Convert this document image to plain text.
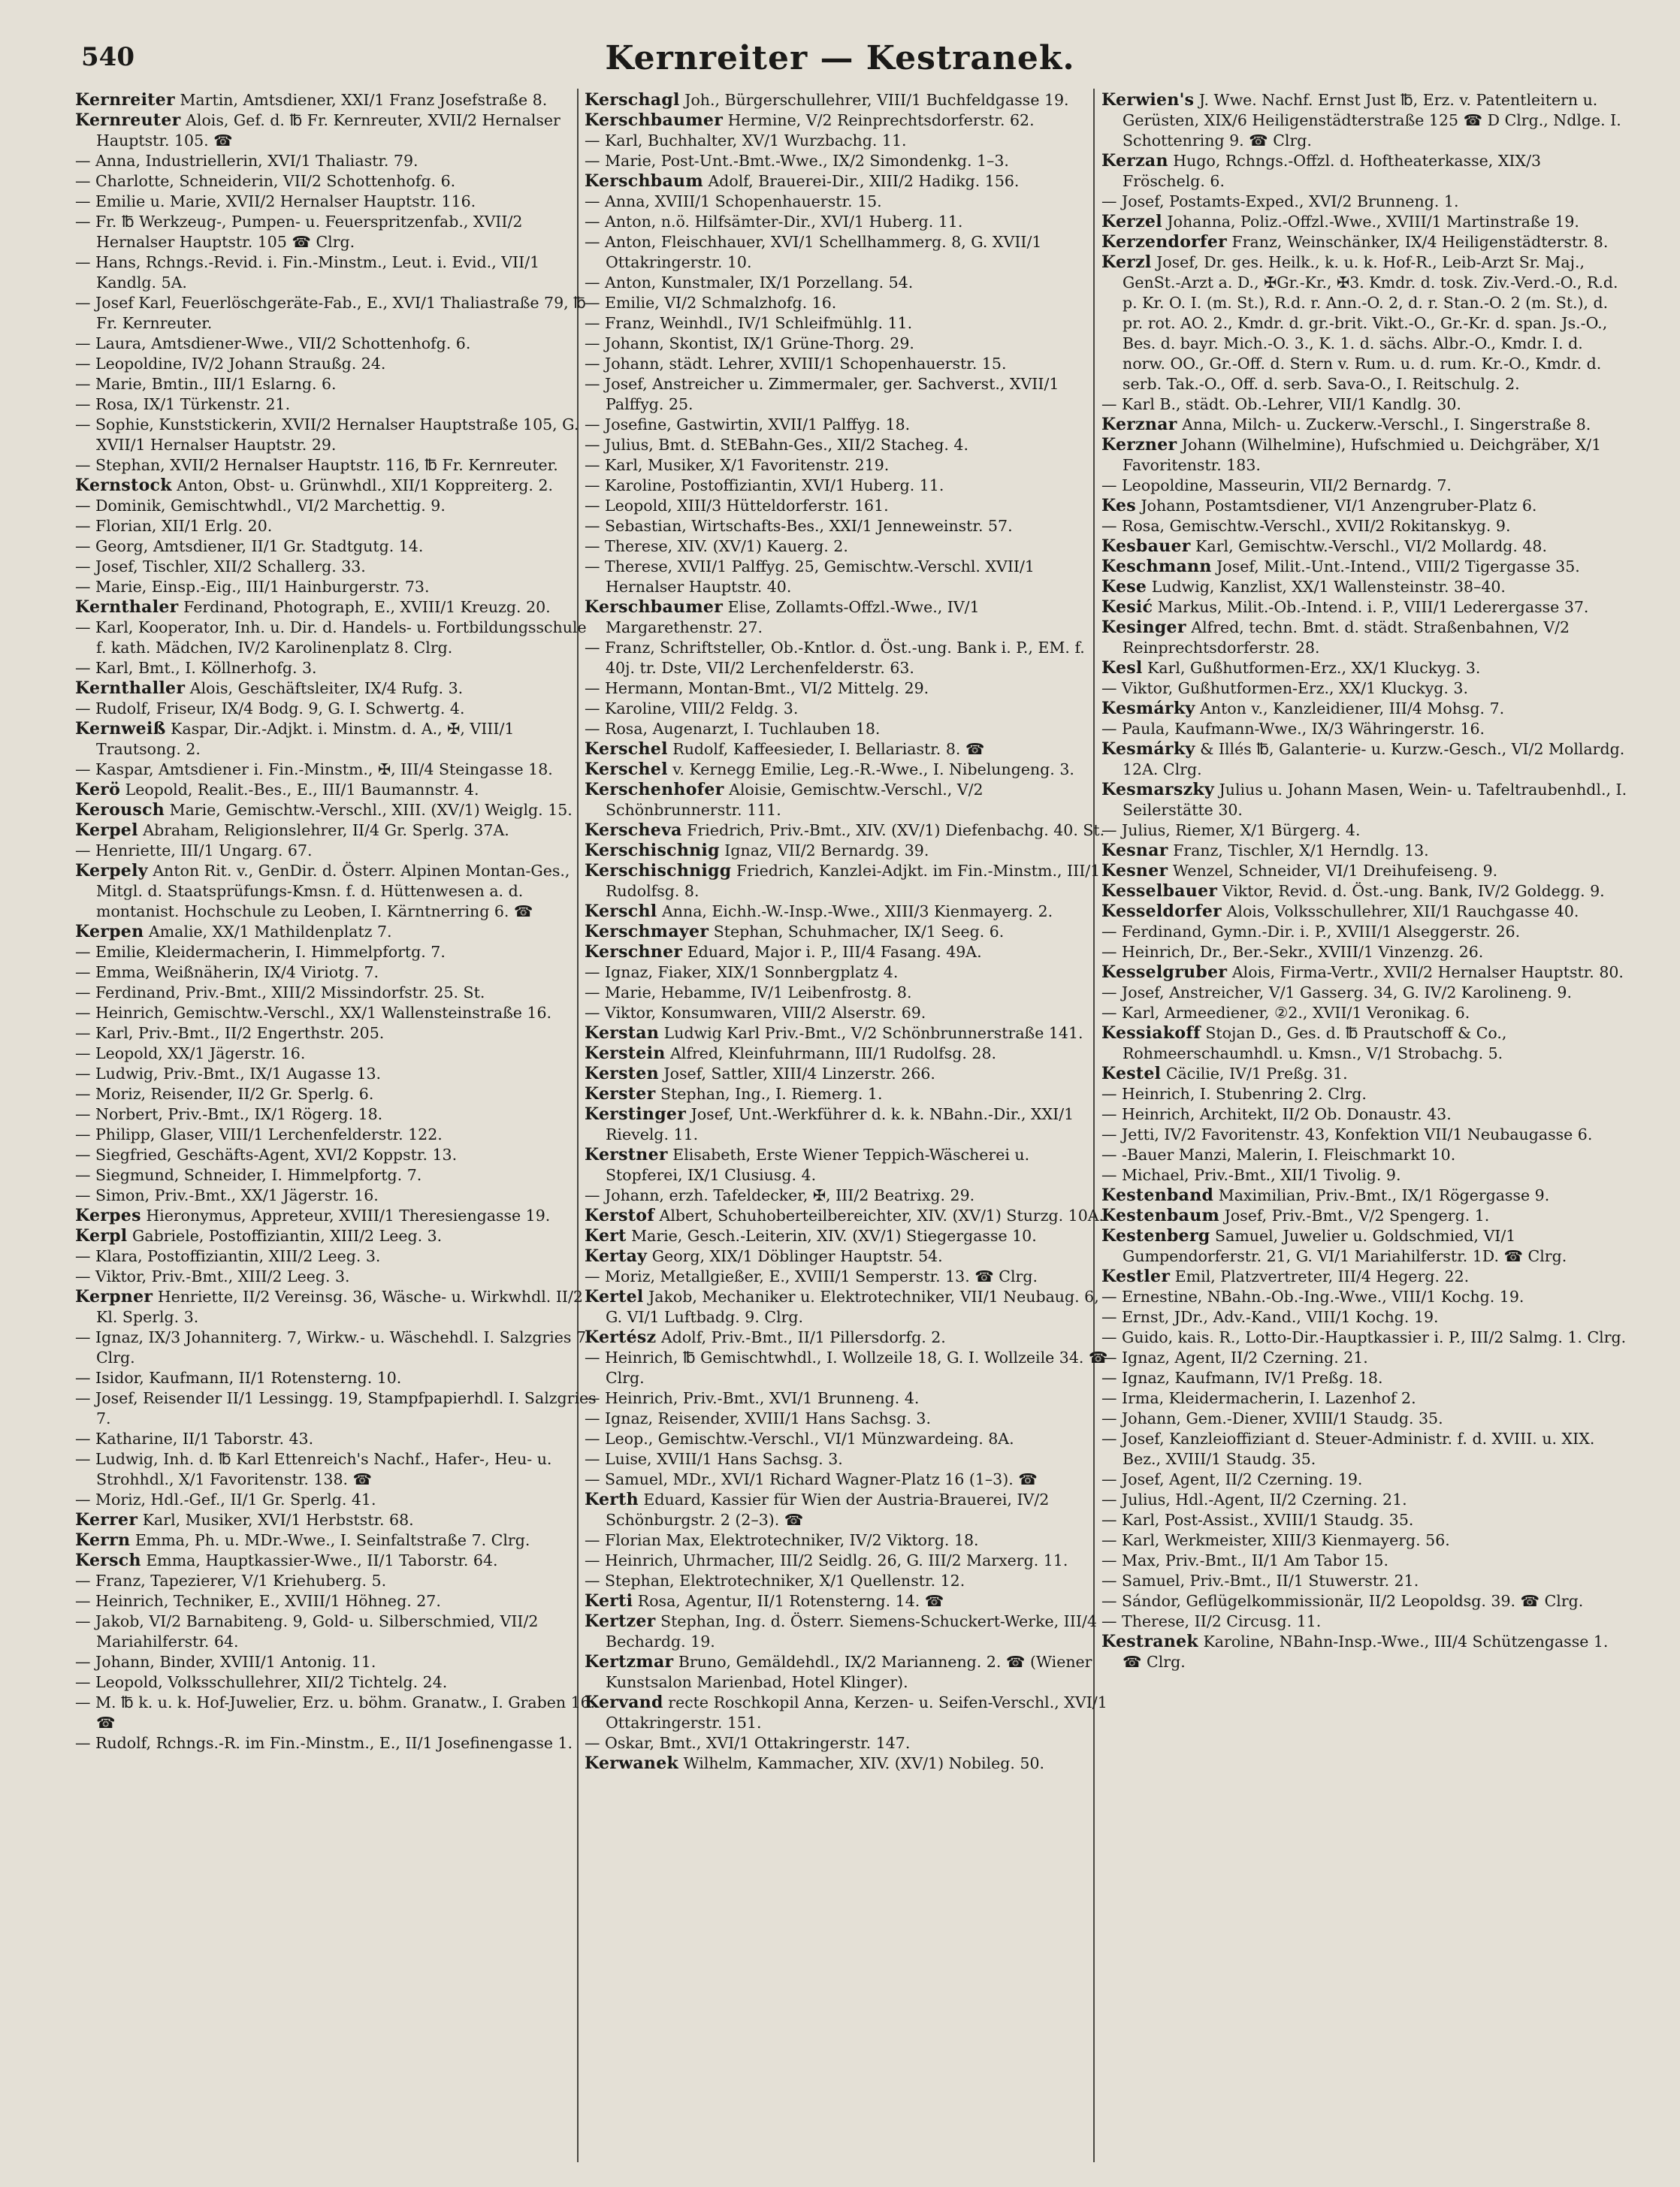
540	Kernreiter — Kestranek.

Kernreiter Martin, Amtsdiener, XXI/1 Franz Josefstraße 8.

Kernreuter Alois, Gef. d. ℔ Fr. Kernreuter, XVII/2 Hernalser Hauptstr. 105. ☎

— Anna, Industriellerin, XVI/1 Thaliastr. 79.

— Charlotte, Schneiderin, VII/2 Schottenhofg. 6.

— Emilie u. Marie, XVII/2 Hernalser Hauptstr. 116.

— Fr. ℔ Werkzeug-, Pumpen- u. Feuerspritzenfab., XVII/2 Hernalser Hauptstr. 105 ☎ Clrg.

— Hans, Rchngs.-Revid. i. Fin.-Minstm., Leut. i. Evid., VII/1 Kandlg. 5A.

— Josef Karl, Feuerlöschgeräte-Fab., E., XVI/1 Thaliastraße 79, ℔ Fr. Kernreuter.

— Laura, Amtsdiener-Wwe., VII/2 Schottenhofg. 6.

— Leopoldine, IV/2 Johann Straußg. 24.

— Marie, Bmtin., III/1 Eslarng. 6.

— Rosa, IX/1 Türkenstr. 21.

— Sophie, Kunststickerin, XVII/2 Hernalser Hauptstraße 105, G. XVII/1 Hernalser Hauptstr. 29.

— Stephan, XVII/2 Hernalser Hauptstr. 116, ℔ Fr. Kernreuter.

Kernstock Anton, Obst- u. Grünwhdl., XII/1 Koppreiterg. 2.

— Dominik, Gemischtwhdl., VI/2 Marchettig. 9.

— Florian, XII/1 Erlg. 20.

— Georg, Amtsdiener, II/1 Gr. Stadtgutg. 14.

— Josef, Tischler, XII/2 Schallerg. 33.

— Marie, Einsp.-Eig., III/1 Hainburgerstr. 73.

Kernthaler Ferdinand, Photograph, E., XVIII/1 Kreuzg. 20.

— Karl, Kooperator, Inh. u. Dir. d. Handels- u. Fortbildungsschule f. kath. Mädchen, IV/2 Karolinenplatz 8. Clrg.

— Karl, Bmt., I. Köllnerhofg. 3.

Kernthaller Alois, Geschäftsleiter, IX/4 Rufg. 3.

— Rudolf, Friseur, IX/4 Bodg. 9, G. I. Schwertg. 4.

Kernweiß Kaspar, Dir.-Adjkt. i. Minstm. d. A., ✠, VIII/1 Trautsong. 2.

— Kaspar, Amtsdiener i. Fin.-Minstm., ✠, III/4 Steingasse 18.

Kerö Leopold, Realit.-Bes., E., III/1 Baumannstr. 4.

Kerousch Marie, Gemischtw.-Verschl., XIII. (XV/1) Weiglg. 15.

Kerpel Abraham, Religionslehrer, II/4 Gr. Sperlg. 37A.

— Henriette, III/1 Ungarg. 67.

Kerpely Anton Rit. v., GenDir. d. Österr. Alpinen Montan-Ges., Mitgl. d. Staatsprüfungs-Kmsn. f. d. Hüttenwesen a. d. montanist. Hochschule zu Leoben, I. Kärntnerring 6. ☎

Kerpen Amalie, XX/1 Mathildenplatz 7.

— Emilie, Kleidermacherin, I. Himmelpfortg. 7.

— Emma, Weißnäherin, IX/4 Viriotg. 7.

— Ferdinand, Priv.-Bmt., XIII/2 Missindorfstr. 25. St.

— Heinrich, Gemischtw.-Verschl., XX/1 Wallensteinstraße 16.

— Karl, Priv.-Bmt., II/2 Engerthstr. 205.

— Leopold, XX/1 Jägerstr. 16.

— Ludwig, Priv.-Bmt., IX/1 Augasse 13.

— Moriz, Reisender, II/2 Gr. Sperlg. 6.

— Norbert, Priv.-Bmt., IX/1 Rögerg. 18.

— Philipp, Glaser, VIII/1 Lerchenfelderstr. 122.

— Siegfried, Geschäfts-Agent, XVI/2 Koppstr. 13.

— Siegmund, Schneider, I. Himmelpfortg. 7.

— Simon, Priv.-Bmt., XX/1 Jägerstr. 16.

Kerpes Hieronymus, Appreteur, XVIII/1 Theresiengasse 19.

Kerpl Gabriele, Postoffiziantin, XIII/2 Leeg. 3.

— Klara, Postoffiziantin, XIII/2 Leeg. 3.

— Viktor, Priv.-Bmt., XIII/2 Leeg. 3.

Kerpner Henriette, II/2 Vereinsg. 36, Wäsche- u. Wirkwhdl. II/2 Kl. Sperlg. 3.

— Ignaz, IX/3 Johanniterg. 7, Wirkw.- u. Wäschehdl. I. Salzgries 7. Clrg.

— Isidor, Kaufmann, II/1 Rotensterng. 10.

— Josef, Reisender II/1 Lessingg. 19, Stampfpapierhdl. I. Salzgries 7.

— Katharine, II/1 Taborstr. 43.

— Ludwig, Inh. d. ℔ Karl Ettenreich's Nachf., Hafer-, Heu- u. Strohhdl., X/1 Favoritenstr. 138. ☎

— Moriz, Hdl.-Gef., II/1 Gr. Sperlg. 41.

Kerrer Karl, Musiker, XVI/1 Herbststr. 68.

Kerrn Emma, Ph. u. MDr.-Wwe., I. Seinfaltstraße 7. Clrg.

Kersch Emma, Hauptkassier-Wwe., II/1 Taborstr. 64.

— Franz, Tapezierer, V/1 Kriehuberg. 5.

— Heinrich, Techniker, E., XVIII/1 Höhneg. 27.

— Jakob, VI/2 Barnabiteng. 9, Gold- u. Silberschmied, VII/2 Mariahilferstr. 64.

— Johann, Binder, XVIII/1 Antonig. 11.

— Leopold, Volksschullehrer, XII/2 Tichtelg. 24.

— M. ℔ k. u. k. Hof-Juwelier, Erz. u. böhm. Granatw., I. Graben 16. ☎

— Rudolf, Rchngs.-R. im Fin.-Minstm., E., II/1 Josefinengasse 1.

Kerschagl Joh., Bürgerschullehrer, VIII/1 Buchfeldgasse 19.

Kerschbaumer Hermine, V/2 Reinprechtsdorferstr. 62.

— Karl, Buchhalter, XV/1 Wurzbachg. 11.

— Marie, Post-Unt.-Bmt.-Wwe., IX/2 Simondenkg. 1–3.

Kerschbaum Adolf, Brauerei-Dir., XIII/2 Hadikg. 156.

— Anna, XVIII/1 Schopenhauerstr. 15.

— Anton, n.ö. Hilfsämter-Dir., XVI/1 Huberg. 11.

— Anton, Fleischhauer, XVI/1 Schellhammerg. 8, G. XVII/1 Ottakringerstr. 10.

— Anton, Kunstmaler, IX/1 Porzellang. 54.

— Emilie, VI/2 Schmalzhofg. 16.

— Franz, Weinhdl., IV/1 Schleifmühlg. 11.

— Johann, Skontist, IX/1 Grüne-Thorg. 29.

— Johann, städt. Lehrer, XVIII/1 Schopenhauerstr. 15.

— Josef, Anstreicher u. Zimmermaler, ger. Sachverst., XVII/1 Palffyg. 25.

— Josefine, Gastwirtin, XVII/1 Palffyg. 18.

— Julius, Bmt. d. StEBahn-Ges., XII/2 Stacheg. 4.

— Karl, Musiker, X/1 Favoritenstr. 219.

— Karoline, Postoffiziantin, XVI/1 Huberg. 11.

— Leopold, XIII/3 Hütteldorferstr. 161.

— Sebastian, Wirtschafts-Bes., XXI/1 Jenneweinstr. 57.

— Therese, XIV. (XV/1) Kauerg. 2.

— Therese, XVII/1 Palffyg. 25, Gemischtw.-Verschl. XVII/1 Hernalser Hauptstr. 40.

Kerschbaumer Elise, Zollamts-Offzl.-Wwe., IV/1 Margarethenstr. 27.

— Franz, Schriftsteller, Ob.-Kntlor. d. Öst.-ung. Bank i. P., EM. f. 40j. tr. Dste, VII/2 Lerchenfelderstr. 63.

— Hermann, Montan-Bmt., VI/2 Mittelg. 29.

— Karoline, VIII/2 Feldg. 3.

— Rosa, Augenarzt, I. Tuchlauben 18.

Kerschel Rudolf, Kaffeesieder, I. Bellariastr. 8. ☎

Kerschel v. Kernegg Emilie, Leg.-R.-Wwe., I. Nibelungeng. 3.

Kerschenhofer Aloisie, Gemischtw.-Verschl., V/2 Schönbrunnerstr. 111.

Kerscheva Friedrich, Priv.-Bmt., XIV. (XV/1) Diefenbachg. 40. St.

Kerschischnig Ignaz, VII/2 Bernardg. 39.

Kerschischnigg Friedrich, Kanzlei-Adjkt. im Fin.-Minstm., III/1 Rudolfsg. 8.

Kerschl Anna, Eichh.-W.-Insp.-Wwe., XIII/3 Kienmayerg. 2.

Kerschmayer Stephan, Schuhmacher, IX/1 Seeg. 6.

Kerschner Eduard, Major i. P., III/4 Fasang. 49A.

— Ignaz, Fiaker, XIX/1 Sonnbergplatz 4.

— Marie, Hebamme, IV/1 Leibenfrostg. 8.

— Viktor, Konsumwaren, VIII/2 Alserstr. 69.

Kerstan Ludwig Karl Priv.-Bmt., V/2 Schönbrunnerstraße 141.

Kerstein Alfred, Kleinfuhrmann, III/1 Rudolfsg. 28.

Kersten Josef, Sattler, XIII/4 Linzerstr. 266.

Kerster Stephan, Ing., I. Riemerg. 1.

Kerstinger Josef, Unt.-Werkführer d. k. k. NBahn.-Dir., XXI/1 Rievelg. 11.

Kerstner Elisabeth, Erste Wiener Teppich-Wäscherei u. Stopferei, IX/1 Clusiusg. 4.

— Johann, erzh. Tafeldecker, ✠, III/2 Beatrixg. 29.

Kerstof Albert, Schuhoberteilbereichter, XIV. (XV/1) Sturzg. 10A.

Kert Marie, Gesch.-Leiterin, XIV. (XV/1) Stiegergasse 10.

Kertay Georg, XIX/1 Döblinger Hauptstr. 54.

— Moriz, Metallgießer, E., XVIII/1 Semperstr. 13. ☎ Clrg.

Kertel Jakob, Mechaniker u. Elektrotechniker, VII/1 Neubaug. 6, G. VI/1 Luftbadg. 9. Clrg.

Kertész Adolf, Priv.-Bmt., II/1 Pillersdorfg. 2.

— Heinrich, ℔ Gemischtwhdl., I. Wollzeile 18, G. I. Wollzeile 34. ☎ Clrg.

— Heinrich, Priv.-Bmt., XVI/1 Brunneng. 4.

— Ignaz, Reisender, XVIII/1 Hans Sachsg. 3.

— Leop., Gemischtw.-Verschl., VI/1 Münzwardeing. 8A.

— Luise, XVIII/1 Hans Sachsg. 3.

— Samuel, MDr., XVI/1 Richard Wagner-Platz 16 (1–3). ☎

Kerth Eduard, Kassier für Wien der Austria-Brauerei, IV/2 Schönburgstr. 2 (2–3). ☎

— Florian Max, Elektrotechniker, IV/2 Viktorg. 18.

— Heinrich, Uhrmacher, III/2 Seidlg. 26, G. III/2 Marxerg. 11.

— Stephan, Elektrotechniker, X/1 Quellenstr. 12.

Kerti Rosa, Agentur, II/1 Rotensterng. 14. ☎

Kertzer Stephan, Ing. d. Österr. Siemens-Schuckert-Werke, III/4 Bechardg. 19.

Kertzmar Bruno, Gemäldehdl., IX/2 Marianneng. 2. ☎ (Wiener Kunstsalon Marienbad, Hotel Klinger).

Kervand recte Roschkopil Anna, Kerzen- u. Seifen-Verschl., XVI/1 Ottakringerstr. 151.

— Oskar, Bmt., XVI/1 Ottakringerstr. 147.

Kerwanek Wilhelm, Kammacher, XIV. (XV/1) Nobileg. 50.

Kerwien's J. Wwe. Nachf. Ernst Just ℔, Erz. v. Patentleitern u. Gerüsten, XIX/6 Heiligenstädterstraße 125 ☎ D Clrg., Ndlge. I. Schottenring 9. ☎ Clrg.

Kerzan Hugo, Rchngs.-Offzl. d. Hoftheaterkasse, XIX/3 Fröschelg. 6.

— Josef, Postamts-Exped., XVI/2 Brunneng. 1.

Kerzel Johanna, Poliz.-Offzl.-Wwe., XVIII/1 Martinstraße 19.

Kerzendorfer Franz, Weinschänker, IX/4 Heiligenstädterstr. 8.

Kerzl Josef, Dr. ges. Heilk., k. u. k. Hof-R., Leib-Arzt Sr. Maj., GenSt.-Arzt a. D., ✠Gr.-Kr., ✠3. Kmdr. d. tosk. Ziv.-Verd.-O., R.d. p. Kr. O. I. (m. St.), R.d. r. Ann.-O. 2, d. r. Stan.-O. 2 (m. St.), d. pr. rot. AO. 2., Kmdr. d. gr.-brit. Vikt.-O., Gr.-Kr. d. span. Js.-O., Bes. d. bayr. Mich.-O. 3., K. 1. d. sächs. Albr.-O., Kmdr. I. d. norw. OO., Gr.-Off. d. Stern v. Rum. u. d. rum. Kr.-O., Kmdr. d. serb. Tak.-O., Off. d. serb. Sava-O., I. Reitschulg. 2.

— Karl B., städt. Ob.-Lehrer, VII/1 Kandlg. 30.

Kerznar Anna, Milch- u. Zuckerw.-Verschl., I. Singerstraße 8.

Kerzner Johann (Wilhelmine), Hufschmied u. Deichgräber, X/1 Favoritenstr. 183.

— Leopoldine, Masseurin, VII/2 Bernardg. 7.

Kes Johann, Postamtsdiener, VI/1 Anzengruber-Platz 6.

— Rosa, Gemischtw.-Verschl., XVII/2 Rokitanskyg. 9.

Kesbauer Karl, Gemischtw.-Verschl., VI/2 Mollardg. 48.

Keschmann Josef, Milit.-Unt.-Intend., VIII/2 Tigergasse 35.

Kese Ludwig, Kanzlist, XX/1 Wallensteinstr. 38–40.

Kesić Markus, Milit.-Ob.-Intend. i. P., VIII/1 Lederergasse 37.

Kesinger Alfred, techn. Bmt. d. städt. Straßenbahnen, V/2 Reinprechtsdorferstr. 28.

Kesl Karl, Gußhutformen-Erz., XX/1 Kluckyg. 3.

— Viktor, Gußhutformen-Erz., XX/1 Kluckyg. 3.

Kesmárky Anton v., Kanzleidiener, III/4 Mohsg. 7.

— Paula, Kaufmann-Wwe., IX/3 Währingerstr. 16.

Kesmárky & Illés ℔, Galanterie- u. Kurzw.-Gesch., VI/2 Mollardg. 12A. Clrg.

Kesmarszky Julius u. Johann Masen, Wein- u. Tafeltraubenhdl., I. Seilerstätte 30.

— Julius, Riemer, X/1 Bürgerg. 4.

Kesnar Franz, Tischler, X/1 Herndlg. 13.

Kesner Wenzel, Schneider, VI/1 Dreihufeiseng. 9.

Kesselbauer Viktor, Revid. d. Öst.-ung. Bank, IV/2 Goldegg. 9.

Kesseldorfer Alois, Volksschullehrer, XII/1 Rauchgasse 40.

— Ferdinand, Gymn.-Dir. i. P., XVIII/1 Alseggerstr. 26.

— Heinrich, Dr., Ber.-Sekr., XVIII/1 Vinzenzg. 26.

Kesselgruber Alois, Firma-Vertr., XVII/2 Hernalser Hauptstr. 80.

— Josef, Anstreicher, V/1 Gasserg. 34, G. IV/2 Karolineng. 9.

— Karl, Armeediener, ②2., XVII/1 Veronikag. 6.

Kessiakoff Stojan D., Ges. d. ℔ Prautschoff & Co., Rohmeerschaumhdl. u. Kmsn., V/1 Strobachg. 5.

Kestel Cäcilie, IV/1 Preßg. 31.

— Heinrich, I. Stubenring 2. Clrg.

— Heinrich, Architekt, II/2 Ob. Donaustr. 43.

— Jetti, IV/2 Favoritenstr. 43, Konfektion VII/1 Neubaugasse 6.

— -Bauer Manzi, Malerin, I. Fleischmarkt 10.

— Michael, Priv.-Bmt., XII/1 Tivolig. 9.

Kestenband Maximilian, Priv.-Bmt., IX/1 Rögergasse 9.

Kestenbaum Josef, Priv.-Bmt., V/2 Spengerg. 1.

Kestenberg Samuel, Juwelier u. Goldschmied, VI/1 Gumpendorferstr. 21, G. VI/1 Mariahilferstr. 1D. ☎ Clrg.

Kestler Emil, Platzvertreter, III/4 Hegerg. 22.

— Ernestine, NBahn.-Ob.-Ing.-Wwe., VIII/1 Kochg. 19.

— Ernst, JDr., Adv.-Kand., VIII/1 Kochg. 19.

— Guido, kais. R., Lotto-Dir.-Hauptkassier i. P., III/2 Salmg. 1. Clrg.

— Ignaz, Agent, II/2 Czerning. 21.

— Ignaz, Kaufmann, IV/1 Preßg. 18.

— Irma, Kleidermacherin, I. Lazenhof 2.

— Johann, Gem.-Diener, XVIII/1 Staudg. 35.

— Josef, Kanzleioffiziant d. Steuer-Administr. f. d. XVIII. u. XIX. Bez., XVIII/1 Staudg. 35.

— Josef, Agent, II/2 Czerning. 19.

— Julius, Hdl.-Agent, II/2 Czerning. 21.

— Karl, Post-Assist., XVIII/1 Staudg. 35.

— Karl, Werkmeister, XIII/3 Kienmayerg. 56.

— Max, Priv.-Bmt., II/1 Am Tabor 15.

— Samuel, Priv.-Bmt., II/1 Stuwerstr. 21.

— Sándor, Geflügelkommissionär, II/2 Leopoldsg. 39. ☎ Clrg.

— Therese, II/2 Circusg. 11.

Kestranek Karoline, NBahn-Insp.-Wwe., III/4 Schützengasse 1. ☎ Clrg.
